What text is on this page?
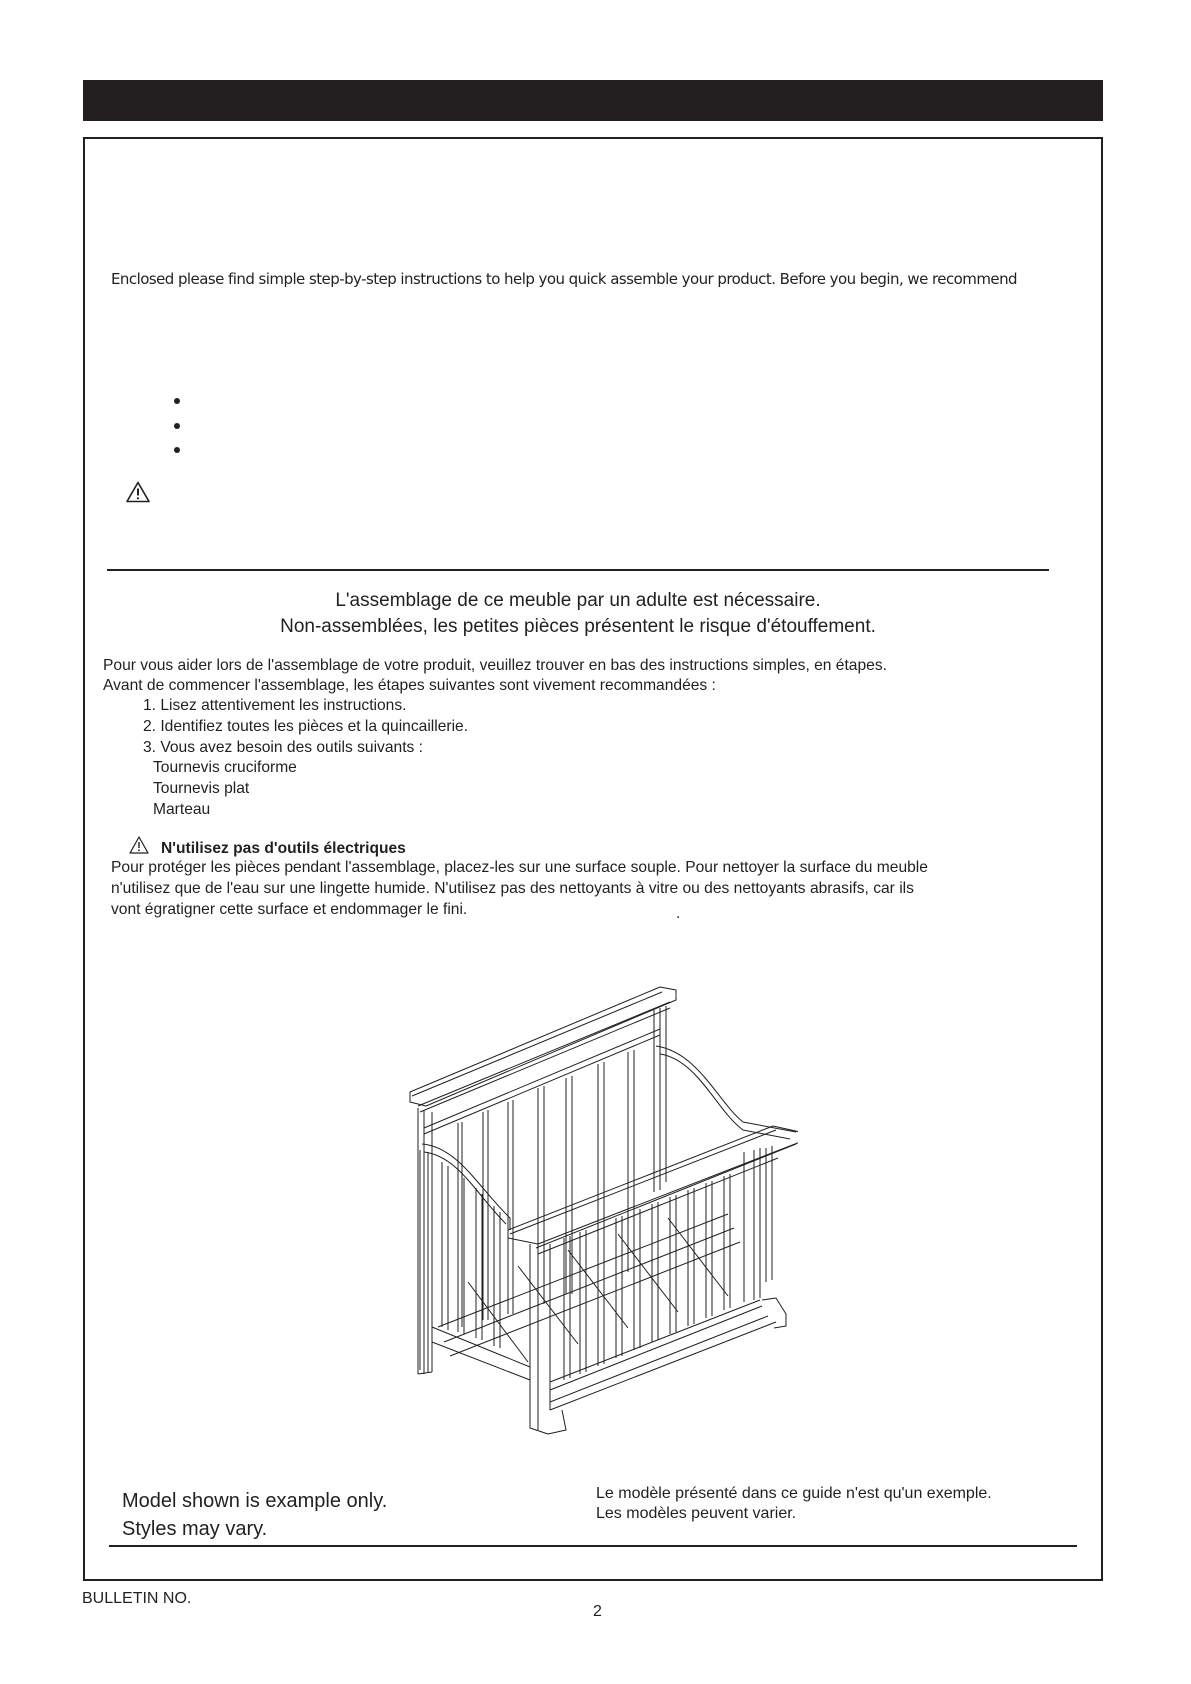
Enclosed please find simple step-by-step instructions to help you quick assemble your product. Before you begin, we recommend
L'assemblage de ce meuble par un adulte est nécessaire.
Non-assemblées, les petites pièces présentent le risque d'étouffement.
Pour vous aider lors de l'assemblage de votre produit, veuillez trouver en bas des instructions simples, en étapes.
Avant de commencer l'assemblage, les étapes suivantes sont vivement recommandées :
1. Lisez attentivement les instructions.
2. Identifiez toutes les pièces et la quincaillerie.
3. Vous avez besoin des outils suivants :
Tournevis cruciforme
Tournevis plat
Marteau
N'utilisez pas d'outils électriques
Pour protéger les pièces pendant l'assemblage, placez-les sur une surface souple. Pour nettoyer la surface du meuble
n'utilisez que de l'eau sur une lingette humide. N'utilisez pas des nettoyants à vitre ou des nettoyants abrasifs, car ils
vont égratigner cette surface et endommager le fini.	.
Model shown is example only.
Styles may vary.
Le modèle présenté dans ce guide n'est qu'un exemple.
Les modèles peuvent varier.
BULLETIN NO.
2
